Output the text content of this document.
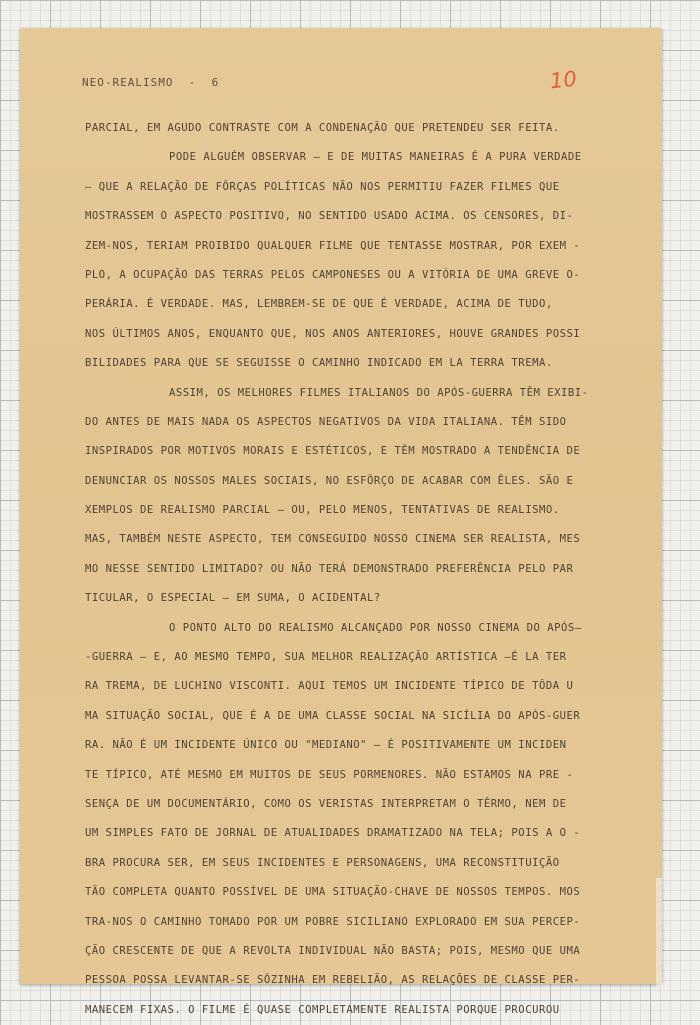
NEO-REALISMO  -  6	10
PARCIAL, EM AGUDO CONTRASTE COM A CONDENAÇÃO QUE PRETENDEU SER FEITA.
PODE ALGUÉM OBSERVAR — E DE MUITAS MANEIRAS É A PURA VERDADE
— QUE A RELAÇÃO DE FÔRÇAS POLÍTICAS NÃO NOS PERMITIU FAZER FILMES QUE
MOSTRASSEM O ASPECTO POSITIVO, NO SENTIDO USADO ACIMA. OS CENSORES, DI-
ZEM-NOS, TERIAM PROIBIDO QUALQUER FILME QUE TENTASSE MOSTRAR, POR EXEM -
PLO, A OCUPAÇÃO DAS TERRAS PELOS CAMPONESES OU A VITÓRIA DE UMA GREVE O-
PERÁRIA. É VERDADE. MAS, LEMBREM-SE DE QUE É VERDADE, ACIMA DE TUDO,
NOS ÚLTIMOS ANOS, ENQUANTO QUE, NOS ANOS ANTERIORES, HOUVE GRANDES POSSI
BILIDADES PARA QUE SE SEGUISSE O CAMINHO INDICADO EM LA TERRA TREMA.
ASSIM, OS MELHORES FILMES ITALIANOS DO APÓS-GUERRA TÊM EXIBI-
DO ANTES DE MAIS NADA OS ASPECTOS NEGATIVOS DA VIDA ITALIANA. TÊM SIDO
INSPIRADOS POR MOTIVOS MORAIS E ESTÉTICOS, E TÊM MOSTRADO A TENDÊNCIA DE
DENUNCIAR OS NOSSOS MALES SOCIAIS, NO ESFÔRÇO DE ACABAR COM ÊLES. SÃO E
XEMPLOS DE REALISMO PARCIAL — OU, PELO MENOS, TENTATIVAS DE REALISMO.
MAS, TAMBÉM NESTE ASPECTO, TEM CONSEGUIDO NOSSO CINEMA SER REALISTA, MES
MO NESSE SENTIDO LIMITADO? OU NÃO TERÁ DEMONSTRADO PREFERÊNCIA PELO PAR
TICULAR, O ESPECIAL — EM SUMA, O ACIDENTAL?
O PONTO ALTO DO REALISMO ALCANÇADO POR NOSSO CINEMA DO APÓS—
-GUERRA — E, AO MESMO TEMPO, SUA MELHOR REALIZAÇÃO ARTÍSTICA —É LA TER
RA TREMA, DE LUCHINO VISCONTI. AQUI TEMOS UM INCIDENTE TÍPICO DE TÔDA U
MA SITUAÇÃO SOCIAL, QUE É A DE UMA CLASSE SOCIAL NA SICÍLIA DO APÓS-GUER
RA. NÃO É UM INCIDENTE ÚNICO OU "MEDIANO" — É POSITIVAMENTE UM INCIDEN
TE TÍPICO, ATÉ MESMO EM MUITOS DE SEUS PORMENORES. NÃO ESTAMOS NA PRE -
SENÇA DE UM DOCUMENTÁRIO, COMO OS VERISTAS INTERPRETAM O TÊRMO, NEM DE
UM SIMPLES FATO DE JORNAL DE ATUALIDADES DRAMATIZADO NA TELA; POIS A O -
BRA PROCURA SER, EM SEUS INCIDENTES E PERSONAGENS, UMA RECONSTITUIÇÃO
TÃO COMPLETA QUANTO POSSÍVEL DE UMA SITUAÇÃO-CHAVE DE NOSSOS TEMPOS. MOS
TRA-NOS O CAMINHO TOMADO POR UM POBRE SICILIANO EXPLORADO EM SUA PERCEP-
ÇÃO CRESCENTE DE QUE A REVOLTA INDIVIDUAL NÃO BASTA; POIS, MESMO QUE UMA
PESSOA POSSA LEVANTAR-SE SÔZINHA EM REBELIÃO, AS RELAÇÕES DE CLASSE PER-
MANECEM FIXAS. O FILME É QUASE COMPLETAMENTE REALISTA PORQUE PROCUROU
